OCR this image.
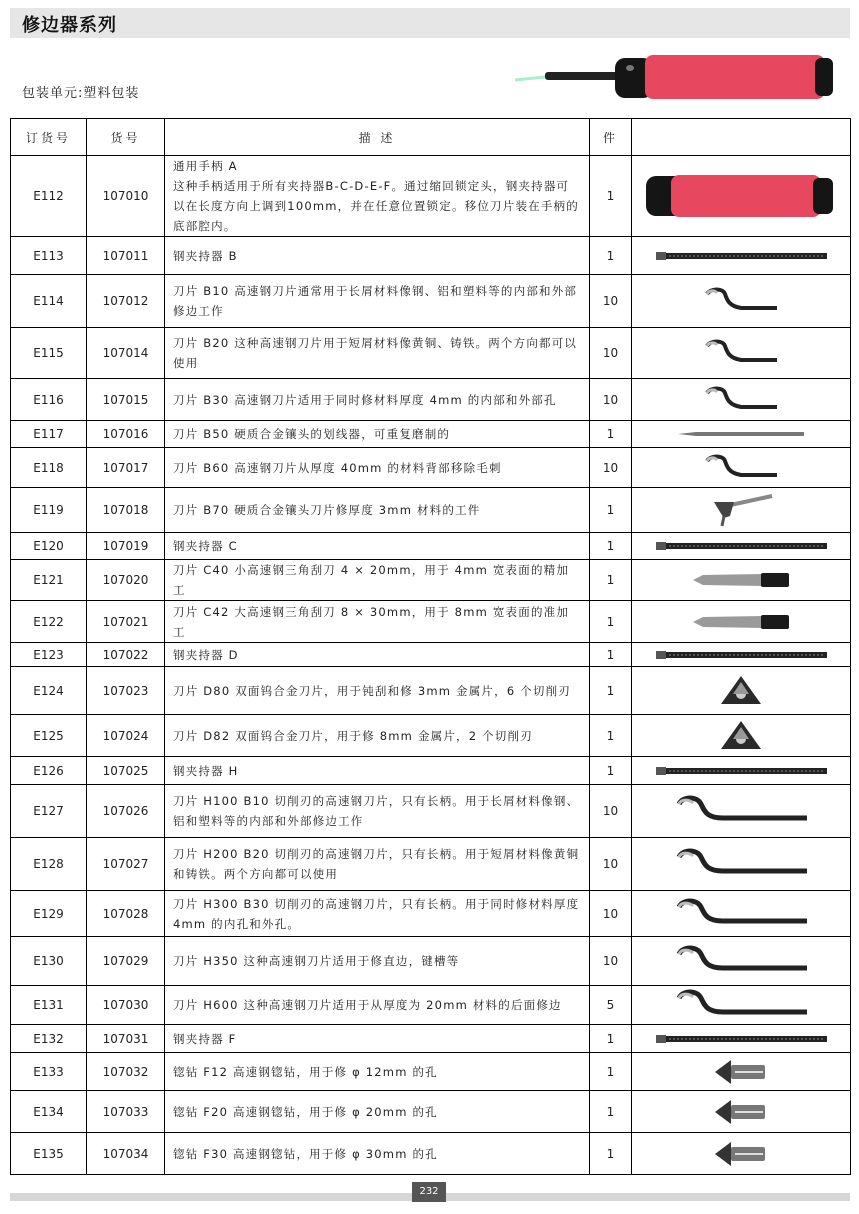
修边器系列
包装单元:塑料包装
订货号	货号	描 述	件	
E112	107010	通用手柄 A
这种手柄适用于所有夹持器B-C-D-E-F。通过缩回锁定头，钢夹持器可以在长度方向上调到100mm，并在任意位置锁定。移位刀片装在手柄的底部腔内。	1	

E113	107011	钢夹持器 B	1	

E114	107012	刀片 B10 高速钢刀片通常用于长屑材料像钢、铝和塑料等的内部和外部修边工作	10	

E115	107014	刀片 B20 这种高速钢刀片用于短屑材料像黄铜、铸铁。两个方向都可以使用	10	

E116	107015	刀片 B30 高速钢刀片适用于同时修材料厚度 4mm 的内部和外部孔	10	

E117	107016	刀片 B50 硬质合金镶头的划线器，可重复磨制的	1	

E118	107017	刀片 B60 高速钢刀片从厚度 40mm 的材料背部移除毛刺	10	

E119	107018	刀片 B70 硬质合金镶头刀片修厚度 3mm 材料的工件	1	

E120	107019	钢夹持器 C	1	

E121	107020	刀片 C40 小高速钢三角刮刀 4 × 20mm，用于 4mm 宽表面的精加工	1	

E122	107021	刀片 C42 大高速钢三角刮刀 8 × 30mm，用于 8mm 宽表面的准加工	1	

E123	107022	钢夹持器 D	1	

E124	107023	刀片 D80 双面钨合金刀片，用于钝刮和修 3mm 金属片，6 个切削刃	1	

E125	107024	刀片 D82 双面钨合金刀片，用于修 8mm 金属片，2 个切削刃	1	

E126	107025	钢夹持器 H	1	

E127	107026	刀片 H100 B10 切削刃的高速钢刀片，只有长柄。用于长屑材料像钢、铝和塑料等的内部和外部修边工作	10	

E128	107027	刀片 H200 B20 切削刃的高速钢刀片，只有长柄。用于短屑材料像黄铜和铸铁。两个方向都可以使用	10	

E129	107028	刀片 H300 B30 切削刃的高速钢刀片，只有长柄。用于同时修材料厚度 4mm 的内孔和外孔。	10	

E130	107029	刀片 H350 这种高速钢刀片适用于修直边，键槽等	10	

E131	107030	刀片 H600 这种高速钢刀片适用于从厚度为 20mm 材料的后面修边	5	

E132	107031	钢夹持器 F	1	

E133	107032	锪钻 F12 高速钢锪钻，用于修 φ 12mm 的孔	1	

E134	107033	锪钻 F20 高速钢锪钻，用于修 φ 20mm 的孔	1	

E135	107034	锪钻 F30 高速钢锪钻，用于修 φ 30mm 的孔	1	
232
